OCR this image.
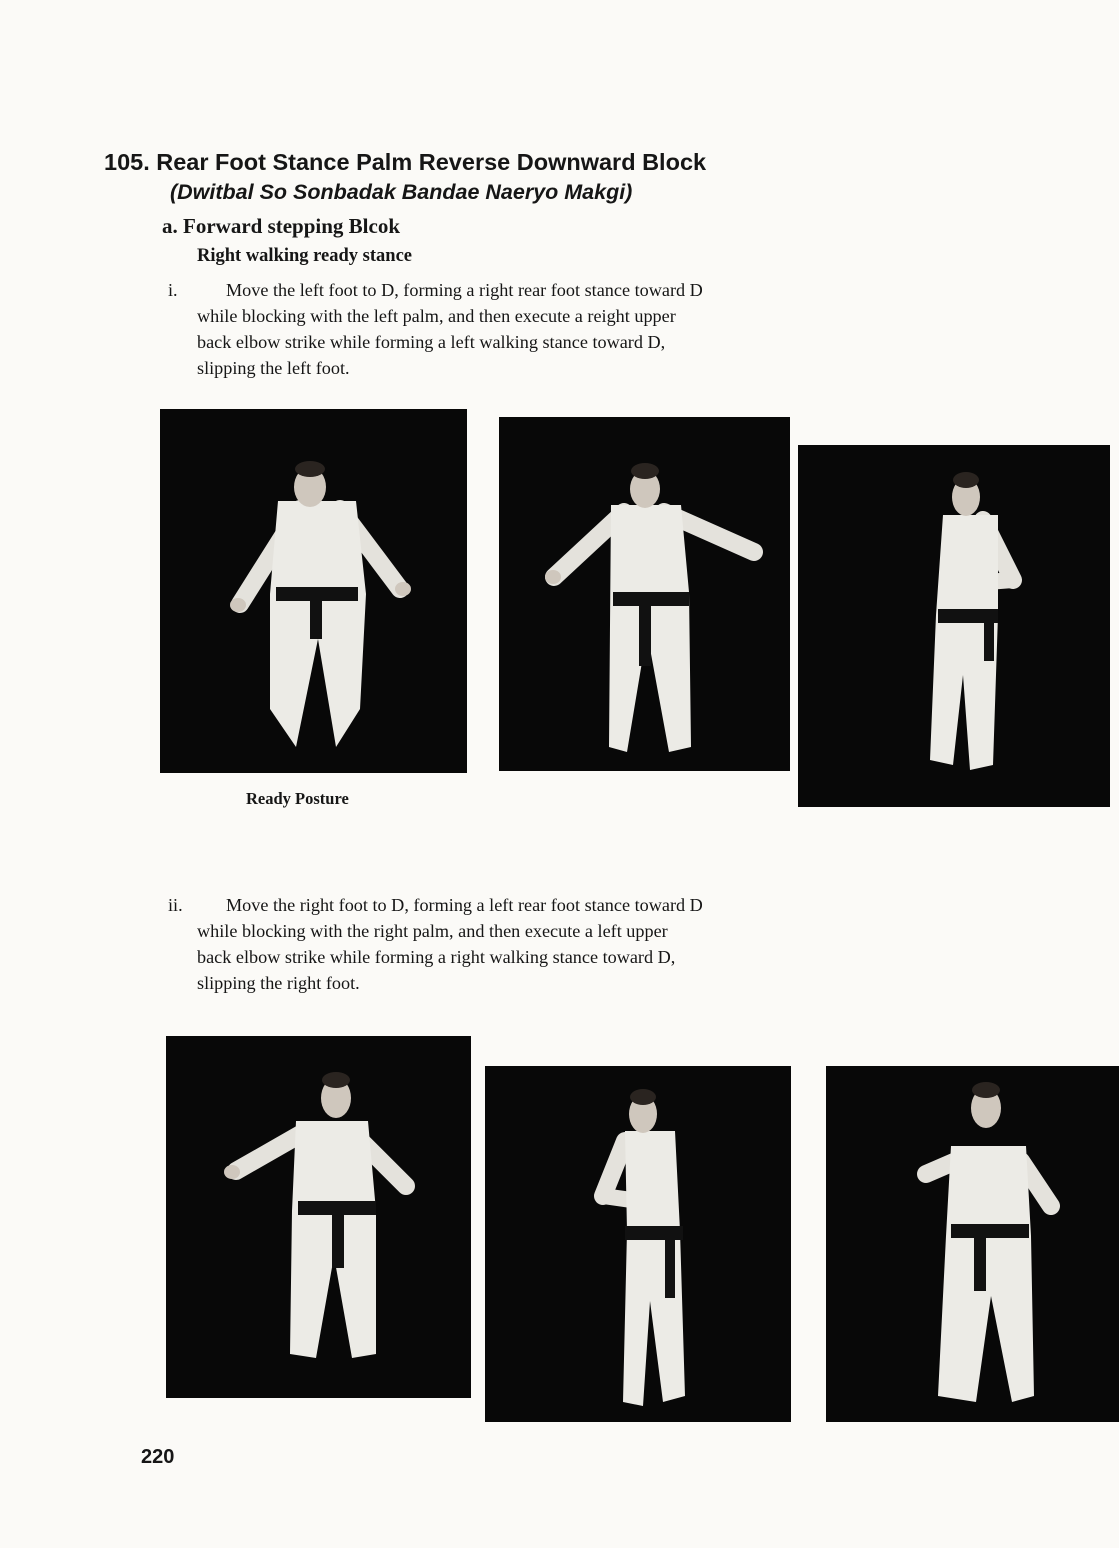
105. Rear Foot Stance Palm Reverse Downward Block
(Dwitbal So Sonbadak Bandae Naeryo Makgi)
a. Forward stepping Blcok
Right walking ready stance

i.	Move the left foot to D, forming a right rear foot stance toward D
while blocking with the left palm, and then execute a reight upper
back elbow strike while forming a left walking stance toward D,
slipping the left foot.

Ready Posture

ii. Move the right foot to D, forming a left rear foot stance toward D
while blocking with the right palm, and then execute a left upper
back elbow strike while forming a right walking stance toward D,
slipping the right foot.

220
